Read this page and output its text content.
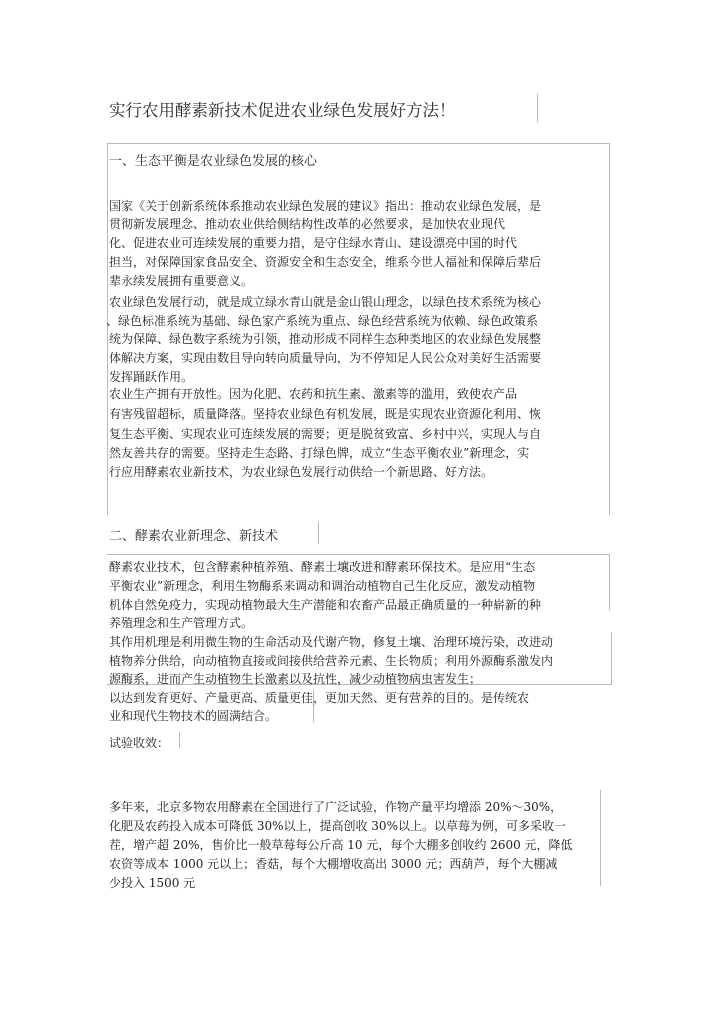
实行农用酵素新技术促进农业绿色发展好方法！
一、生态平衡是农业绿色发展的核心
国家《关于创新系统体系推动农业绿色发展的建议》指出：推动农业绿色发展，是
贯彻新发展理念、推动农业供给侧结构性改革的必然要求，是加快农业现代
化、促进农业可连续发展的重要力措，是守住绿水青山、建设漂亮中国的时代
担当，对保障国家食品安全、资源安全和生态安全，维系今世人福祉和保障后辈后
辈永续发展拥有重要意义。
农业绿色发展行动，就是成立绿水青山就是金山银山理念，以绿色技术系统为核心
、绿色标准系统为基础、绿色家产系统为重点、绿色经营系统为依赖、绿色政策系
统为保障、绿色数字系统为引领，推动形成不同样生态种类地区的农业绿色发展整
体解决方案，实现由数目导向转向质量导向，为不停知足人民公众对美好生活需要
发挥踊跃作用。
农业生产拥有开放性。因为化肥、农药和抗生素、激素等的滥用，致使农产品
有害残留超标，质量降落。坚持农业绿色有机发展，既是实现农业资源化利用、恢
复生态平衡、实现农业可连续发展的需要；更是脱贫致富、乡村中兴，实现人与自
然友善共存的需要。坚持走生态路、打绿色牌，成立“生态平衡农业”新理念，实
行应用酵素农业新技术，为农业绿色发展行动供给一个新思路、好方法。
二、酵素农业新理念、新技术
酵素农业技术，包含酵素种植养殖、酵素土壤改进和酵素环保技术。是应用“生态
平衡农业”新理念，利用生物酶系来调动和调治动植物自己生化反应，激发动植物
机体自然免疫力，实现动植物最大生产潜能和农畜产品最正确质量的一种崭新的种
养殖理念和生产管理方式。
其作用机理是利用微生物的生命活动及代谢产物，修复土壤、治理环境污染，改进动
植物养分供给，向动植物直接或间接供给营养元素、生长物质；利用外源酶系激发内
源酶系，进而产生动植物生长激素以及抗性，减少动植物病虫害发生；
以达到发育更好、产量更高、质量更佳，更加天然、更有营养的目的。是传统农
业和现代生物技术的圆满结合。
试验收效：
多年来，北京多物农用酵素在全国进行了广泛试验，作物产量平均增添 20%～30%，
化肥及农药投入成本可降低 30%以上，提高创收 30%以上。以草莓为例，可多采收一
茬，增产超 20%，售价比一般草莓每公斤高 10 元，每个大棚多创收约 2600 元，降低
农资等成本 1000 元以上；香菇，每个大棚增收高出 3000 元；西葫芦，每个大棚减
少投入 1500 元
